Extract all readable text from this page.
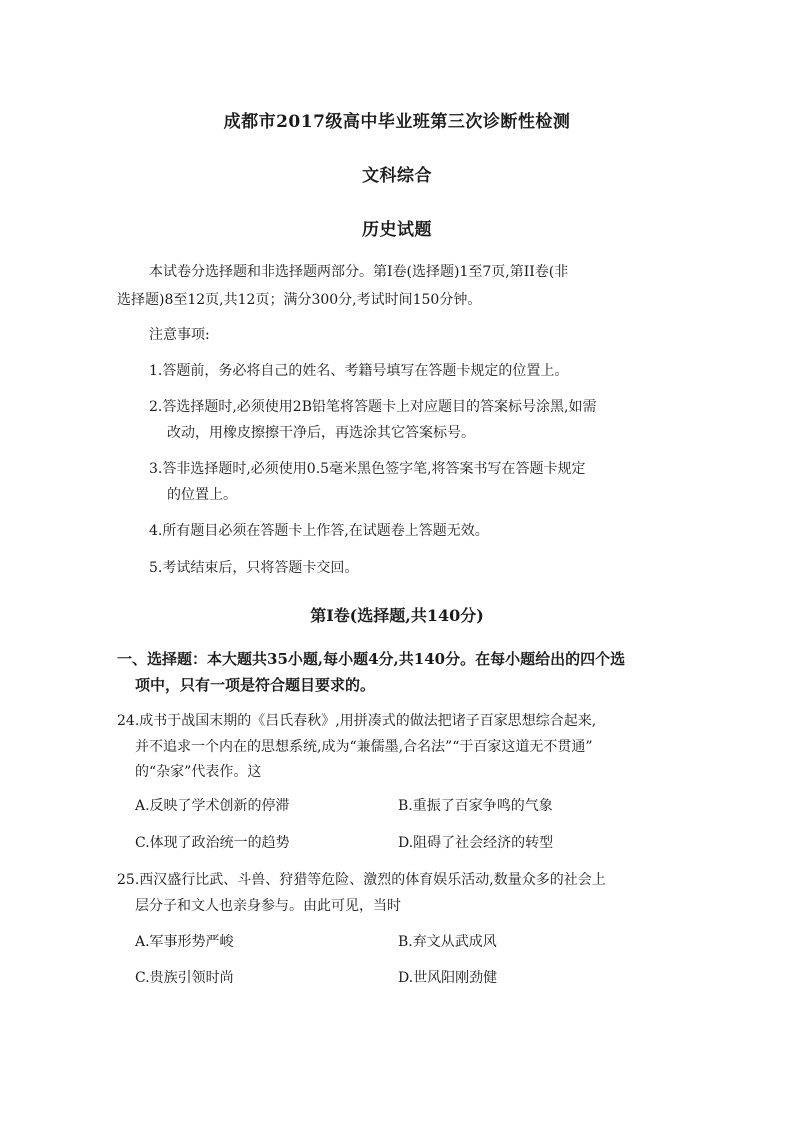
成都市2017级高中毕业班第三次诊断性检测
文科综合
历史试题
本试卷分选择题和非选择题两部分。第Ⅰ卷(选择题)1至7页,第II卷(非
选择题)8至12页,共12页；满分300分,考试时间150分钟。
注意事项:
1.答题前，务必将自己的姓名、考籍号填写在答题卡规定的位置上。
2.答选择题时,必须使用2B铅笔将答题卡上对应题目的答案标号涂黑,如需
改动，用橡皮擦擦干净后，再选涂其它答案标号。
3.答非选择题时,必须使用0.5毫米黑色签字笔,将答案书写在答题卡规定
的位置上。
4.所有题目必须在答题卡上作答,在试题卷上答题无效。
5.考试结束后，只将答题卡交回。
第Ⅰ卷(选择题,共140分)
一、选择题：本大题共35小题,每小题4分,共140分。在每小题给出的四个选
项中，只有一项是符合题目要求的。
24.成书于战国末期的《吕氏春秋》,用拼凑式的做法把诸子百家思想综合起来,
并不追求一个内在的思想系统,成为“兼儒墨,合名法”“于百家这道无不贯通”
的“杂家”代表作。这
A.反映了学术创新的停滞	B.重振了百家争鸣的气象
C.体现了政治统一的趋势	D.阻碍了社会经济的转型
25.西汉盛行比武、斗兽、狩猎等危险、激烈的体育娱乐活动,数量众多的社会上
层分子和文人也亲身参与。由此可见，当时
A.军事形势严峻	B.弃文从武成风
C.贵族引领时尚	D.世风阳刚劲健
